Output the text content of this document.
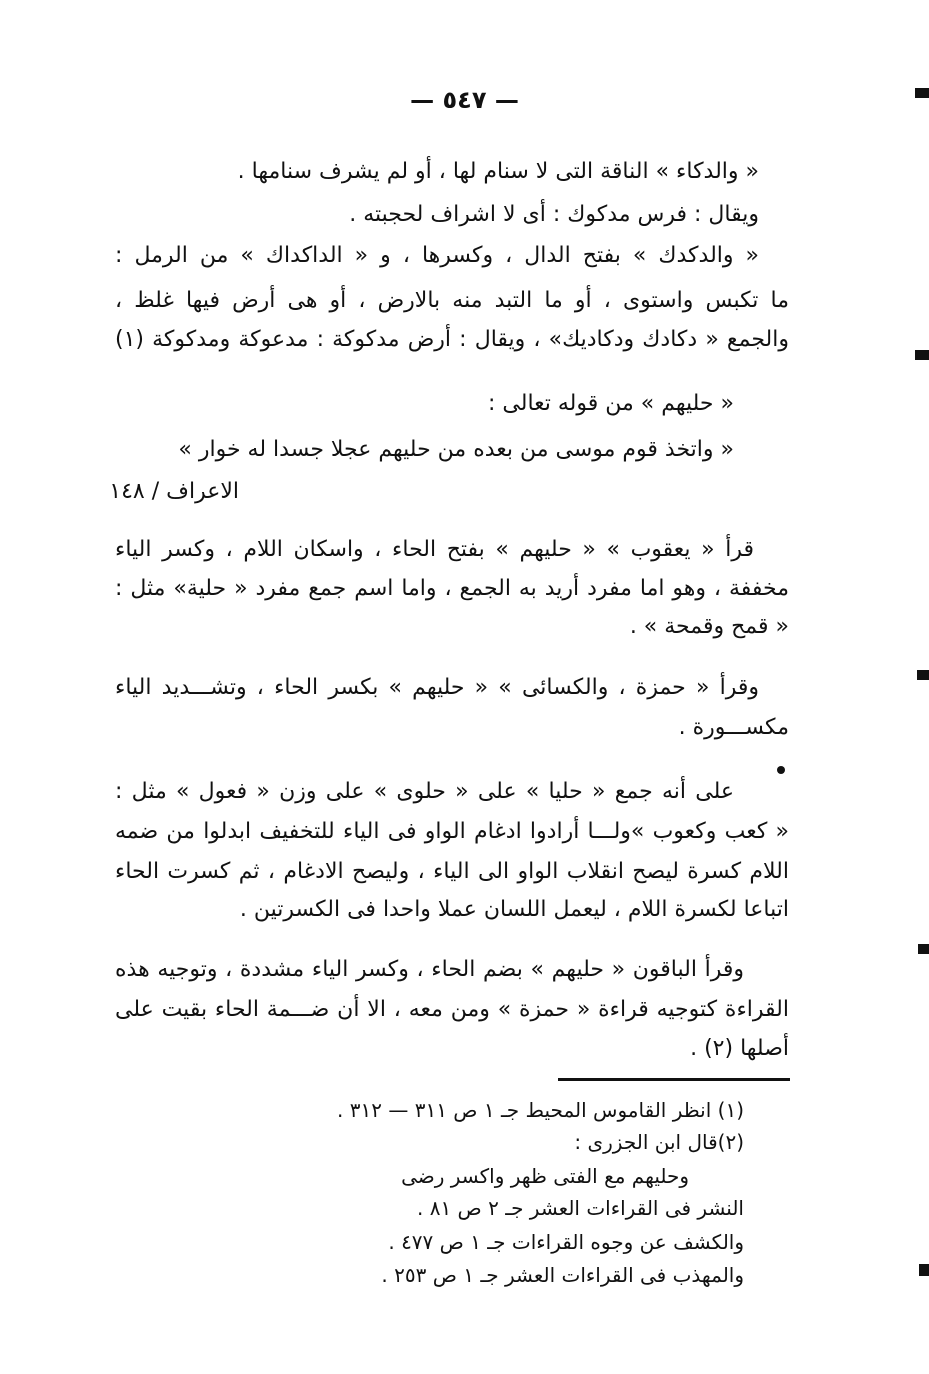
— ٥٤٧ —
« والدكاء » الناقة التى لا سنام لها ، أو لم يشرف سنامها .
ويقال : فرس مدكوك : أى لا اشراف لحجبته .
« والدكدك » بفتح الدال ، وكسرها ، و « الداكداك » من الرمل :
ما تكبس واستوى ، أو ما التبد منه بالارض ، أو هى أرض فيها غلظ ،
والجمع « دكادك ودكاديك» ، ويقال : أرض مدكوكة : مدعوكة ومدكوكة (١)
« حليهم » من قوله تعالى :
« واتخذ قوم موسى من بعده من حليهم عجلا جسدا له خوار »
الاعراف / ١٤٨
قرأ « يعقوب » « حليهم » بفتح الحاء ، واسكان اللام ، وكسر الياء
مخففة ، وهو اما مفرد أريد به الجمع ، واما اسم جمع مفرد « حلية» مثل :
« قمح وقمحة » .
وقرأ « حمزة ، والكسائى » « حليهم » بكسر الحاء ، وتشـــديد الياء
مكســـورة .
على أنه جمع « حليا » على « حلوى » على وزن « فعول » مثل :
« كعب وكعوب »ولـــا أرادوا ادغام الواو فى الياء للتخفيف ابدلوا من ضمه
اللام كسرة ليصح انقلاب الواو الى الياء ، وليصح الادغام ، ثم كسرت الحاء
اتباعا لكسرة اللام ، ليعمل اللسان عملا واحدا فى الكسرتين .
وقرأ الباقون « حليهم » بضم الحاء ، وكسر الياء مشددة ، وتوجيه هذه
القراءة كتوجيه قراءة « حمزة » ومن معه ، الا أن ضـــمة الحاء بقيت على
أصلها (٢) .
(١) انظر القاموس المحيط جـ ١ ص ٣١١ — ٣١٢ .
(٢)قال ابن الجزرى :
وحليهم مع الفتى ظهر واكسر رضى
النشر فى القراءات العشر جـ ٢ ص ٨١ .
والكشف عن وجوه القراءات جـ ١ ص ٤٧٧ .
والمهذب فى القراءات العشر جـ ١ ص ٢٥٣ .
